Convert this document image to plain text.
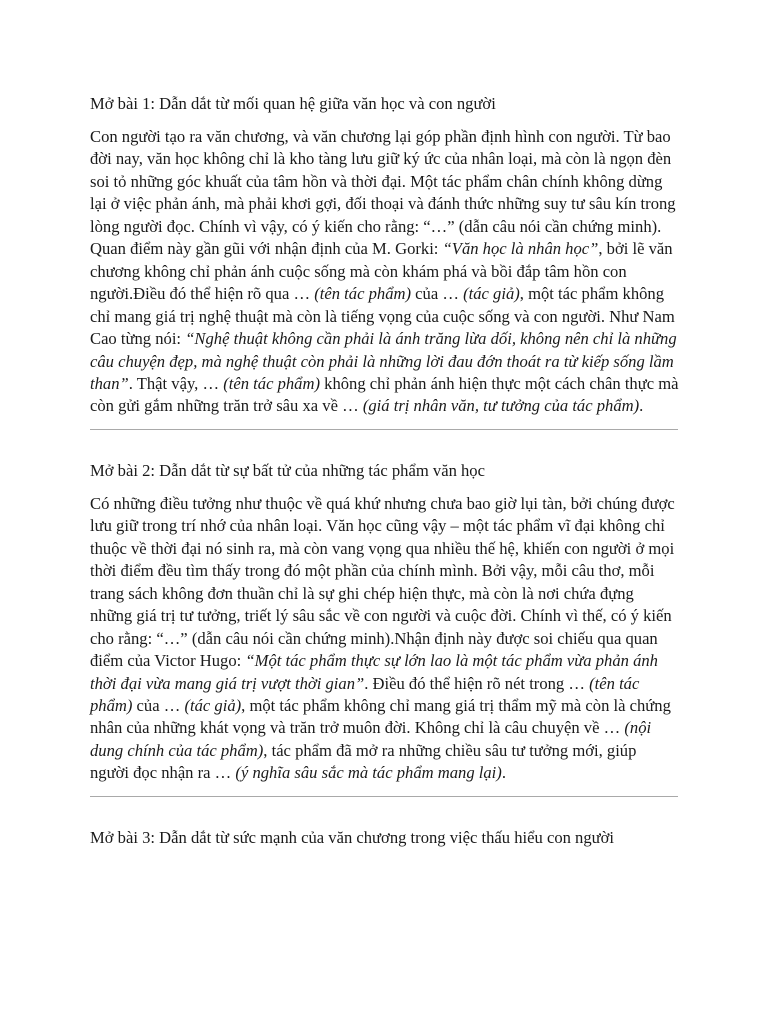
Mở bài 1: Dẫn dắt từ mối quan hệ giữa văn học và con người

Con người tạo ra văn chương, và văn chương lại góp phần định hình con người. Từ bao đời nay, văn học không chỉ là kho tàng lưu giữ ký ức của nhân loại, mà còn là ngọn đèn soi tỏ những góc khuất của tâm hồn và thời đại. Một tác phẩm chân chính không dừng lại ở việc phản ánh, mà phải khơi gợi, đối thoại và đánh thức những suy tư sâu kín trong lòng người đọc. Chính vì vậy, có ý kiến cho rằng: “…” (dẫn câu nói cần chứng minh). Quan điểm này gần gũi với nhận định của M. Gorki: “Văn học là nhân học”, bởi lẽ văn chương không chỉ phản ánh cuộc sống mà còn khám phá và bồi đắp tâm hồn con người.Điều đó thể hiện rõ qua … (tên tác phẩm) của … (tác giả), một tác phẩm không chỉ mang giá trị nghệ thuật mà còn là tiếng vọng của cuộc sống và con người. Như Nam Cao từng nói: “Nghệ thuật không cần phải là ánh trăng lừa dối, không nên chỉ là những câu chuyện đẹp, mà nghệ thuật còn phải là những lời đau đớn thoát ra từ kiếp sống lầm than”. Thật vậy, … (tên tác phẩm) không chỉ phản ánh hiện thực một cách chân thực mà còn gửi gắm những trăn trở sâu xa về … (giá trị nhân văn, tư tưởng của tác phẩm).

Mở bài 2: Dẫn dắt từ sự bất tử của những tác phẩm văn học

Có những điều tưởng như thuộc về quá khứ nhưng chưa bao giờ lụi tàn, bởi chúng được lưu giữ trong trí nhớ của nhân loại. Văn học cũng vậy – một tác phẩm vĩ đại không chỉ thuộc về thời đại nó sinh ra, mà còn vang vọng qua nhiều thế hệ, khiến con người ở mọi thời điểm đều tìm thấy trong đó một phần của chính mình. Bởi vậy, mỗi câu thơ, mỗi trang sách không đơn thuần chỉ là sự ghi chép hiện thực, mà còn là nơi chứa đựng những giá trị tư tưởng, triết lý sâu sắc về con người và cuộc đời. Chính vì thế, có ý kiến cho rằng: “…” (dẫn câu nói cần chứng minh).Nhận định này được soi chiếu qua quan điểm của Victor Hugo: “Một tác phẩm thực sự lớn lao là một tác phẩm vừa phản ánh thời đại vừa mang giá trị vượt thời gian”. Điều đó thể hiện rõ nét trong … (tên tác phẩm) của … (tác giả), một tác phẩm không chỉ mang giá trị thẩm mỹ mà còn là chứng nhân của những khát vọng và trăn trở muôn đời. Không chỉ là câu chuyện về … (nội dung chính của tác phẩm), tác phẩm đã mở ra những chiều sâu tư tưởng mới, giúp người đọc nhận ra … (ý nghĩa sâu sắc mà tác phẩm mang lại).

Mở bài 3: Dẫn dắt từ sức mạnh của văn chương trong việc thấu hiểu con người
